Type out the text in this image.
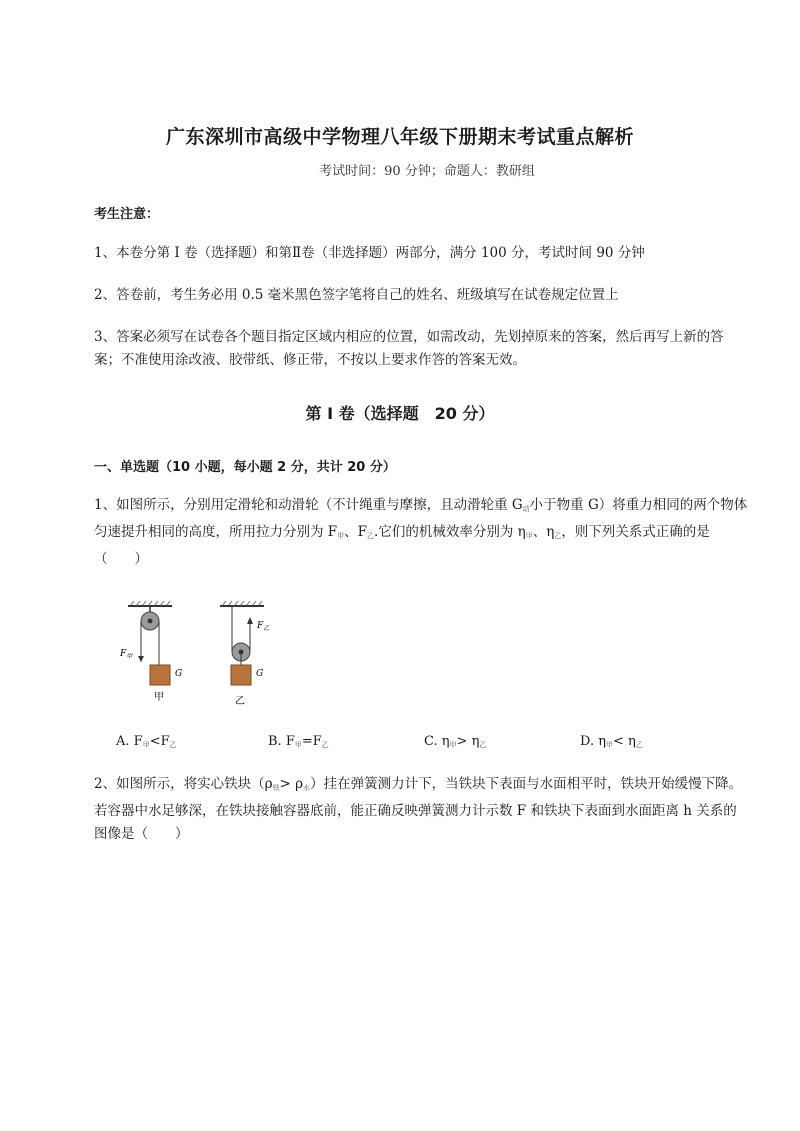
广东深圳市高级中学物理八年级下册期末考试重点解析
考试时间：90 分钟；命题人：教研组
考生注意：
1、本卷分第 I 卷（选择题）和第Ⅱ卷（非选择题）两部分，满分 100 分，考试时间 90 分钟
2、答卷前，考生务必用 0.5 毫米黑色签字笔将自己的姓名、班级填写在试卷规定位置上
3、答案必须写在试卷各个题目指定区域内相应的位置，如需改动，先划掉原来的答案，然后再写上新的答案；不准使用涂改液、胶带纸、修正带，不按以上要求作答的答案无效。
第 I 卷（选择题　20 分）
一、单选题（10 小题，每小题 2 分，共计 20 分）
1、如图所示，分别用定滑轮和动滑轮（不计绳重与摩擦，且动滑轮重 $G_动$小于物重 G）将重力相同的两个物体匀速提升相同的高度，所用拉力分别为 $F_甲$、$F_乙$.它们的机械效率分别为 $\eta_甲$、$\eta_乙$，则下列关系式正确的是（　　）
$F_甲$
$F_乙$
G	G
甲	乙
A. $F_甲<F_乙$	B. $F_甲=F_乙$	C. $\eta_甲> \eta_乙$	D. $\eta_甲< \eta_乙$
2、如图所示，将实心铁块$(\rho_铁> \rho_水)$挂在弹簧测力计下，当铁块下表面与水面相平时，铁块开始缓慢下降。若容器中水足够深，在铁块接触容器底前，能正确反映弹簧测力计示数 F 和铁块下表面到水面距离 h 关系的图像是（　　）
